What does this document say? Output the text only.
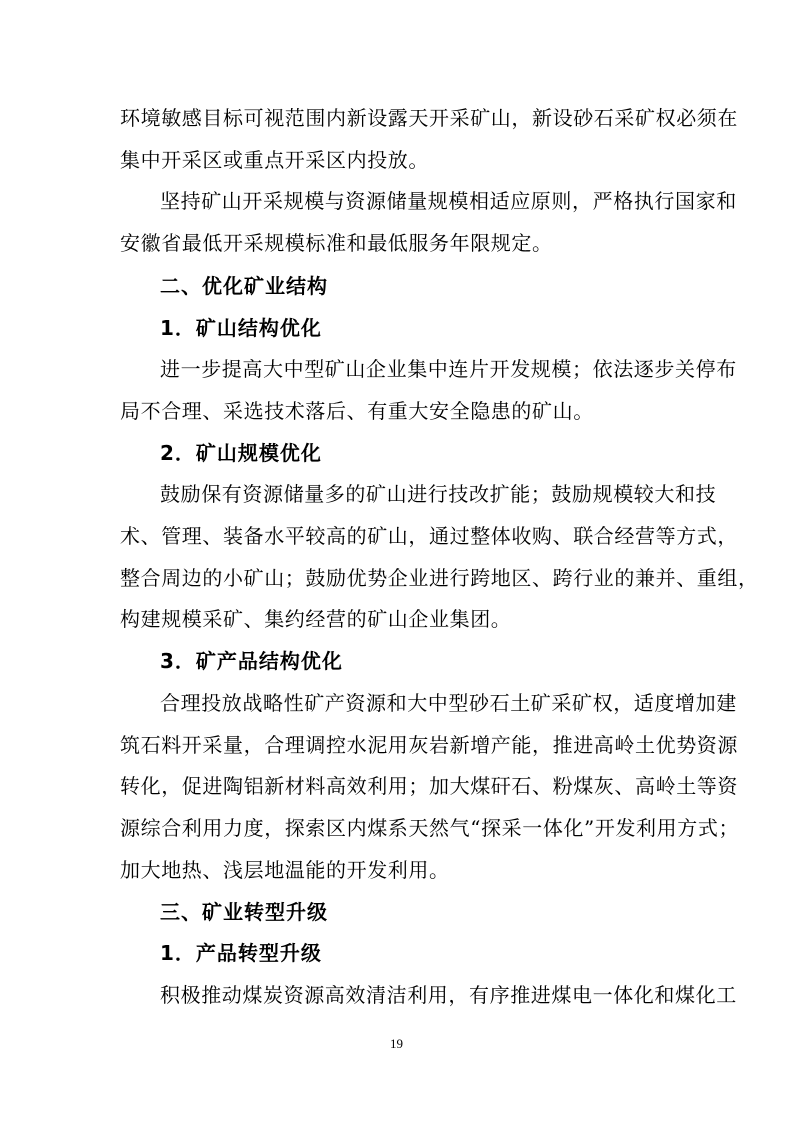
环境敏感目标可视范围内新设露天开采矿山，新设砂石采矿权必须在
集中开采区或重点开采区内投放。
坚持矿山开采规模与资源储量规模相适应原则，严格执行国家和
安徽省最低开采规模标准和最低服务年限规定。
二、优化矿业结构
1．矿山结构优化
进一步提高大中型矿山企业集中连片开发规模；依法逐步关停布
局不合理、采选技术落后、有重大安全隐患的矿山。
2．矿山规模优化
鼓励保有资源储量多的矿山进行技改扩能；鼓励规模较大和技
术、管理、装备水平较高的矿山，通过整体收购、联合经营等方式，
整合周边的小矿山；鼓励优势企业进行跨地区、跨行业的兼并、重组，
构建规模采矿、集约经营的矿山企业集团。
3．矿产品结构优化
合理投放战略性矿产资源和大中型砂石土矿采矿权，适度增加建
筑石料开采量，合理调控水泥用灰岩新增产能，推进高岭土优势资源
转化，促进陶铝新材料高效利用；加大煤矸石、粉煤灰、高岭土等资
源综合利用力度，探索区内煤系天然气“探采一体化”开发利用方式；
加大地热、浅层地温能的开发利用。
三、矿业转型升级
1．产品转型升级
积极推动煤炭资源高效清洁利用，有序推进煤电一体化和煤化工
19
